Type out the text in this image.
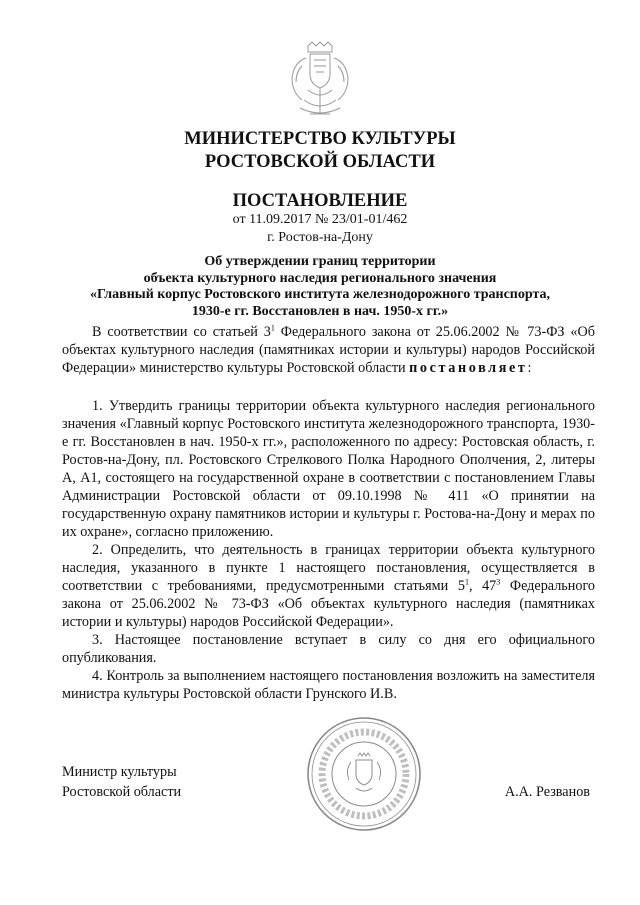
МИНИСТЕРСТВО КУЛЬТУРЫ
РОСТОВСКОЙ ОБЛАСТИ
ПОСТАНОВЛЕНИЕ
от 11.09.2017 № 23/01-01/462
г. Ростов-на-Дону
Об утверждении границ территории
объекта культурного наследия регионального значения
«Главный корпус Ростовского института железнодорожного транспорта,
1930-е гг. Восстановлен в нач. 1950-х гг.»

В соответствии со статьей $3^1$ Федерального закона от 25.06.2002 № 73-ФЗ «Об объектах культурного наследия (памятниках истории и культуры) народов Российской Федерации» министерство культуры Ростовской области постановляет:

1. Утвердить границы территории объекта культурного наследия регионального значения «Главный корпус Ростовского института железнодорожного транспорта, 1930-е гг. Восстановлен в нач. 1950-х гг.», расположенного по адресу: Ростовская область, г. Ростов-на-Дону, пл. Ростовского Стрелкового Полка Народного Ополчения, 2, литеры А, А1, состоящего на государственной охране в соответствии с постановлением Главы Администрации Ростовской области от 09.10.1998 № 411 «О принятии на государственную охрану памятников истории и культуры г. Ростова-на-Дону и мерах по их охране», согласно приложению.

2. Определить, что деятельность в границах территории объекта культурного наследия, указанного в пункте 1 настоящего постановления, осуществляется в соответствии с требованиями, предусмотренными статьями $5^1$, $47^3$ Федерального закона от 25.06.2002 № 73-ФЗ «Об объектах культурного наследия (памятниках истории и культуры) народов Российской Федерации».

3. Настоящее постановление вступает в силу со дня его официального опубликования.

4. Контроль за выполнением настоящего постановления возложить на заместителя министра культуры Ростовской области Грунского И.В.

Министр культуры
Ростовской области	А.А. Резванов
